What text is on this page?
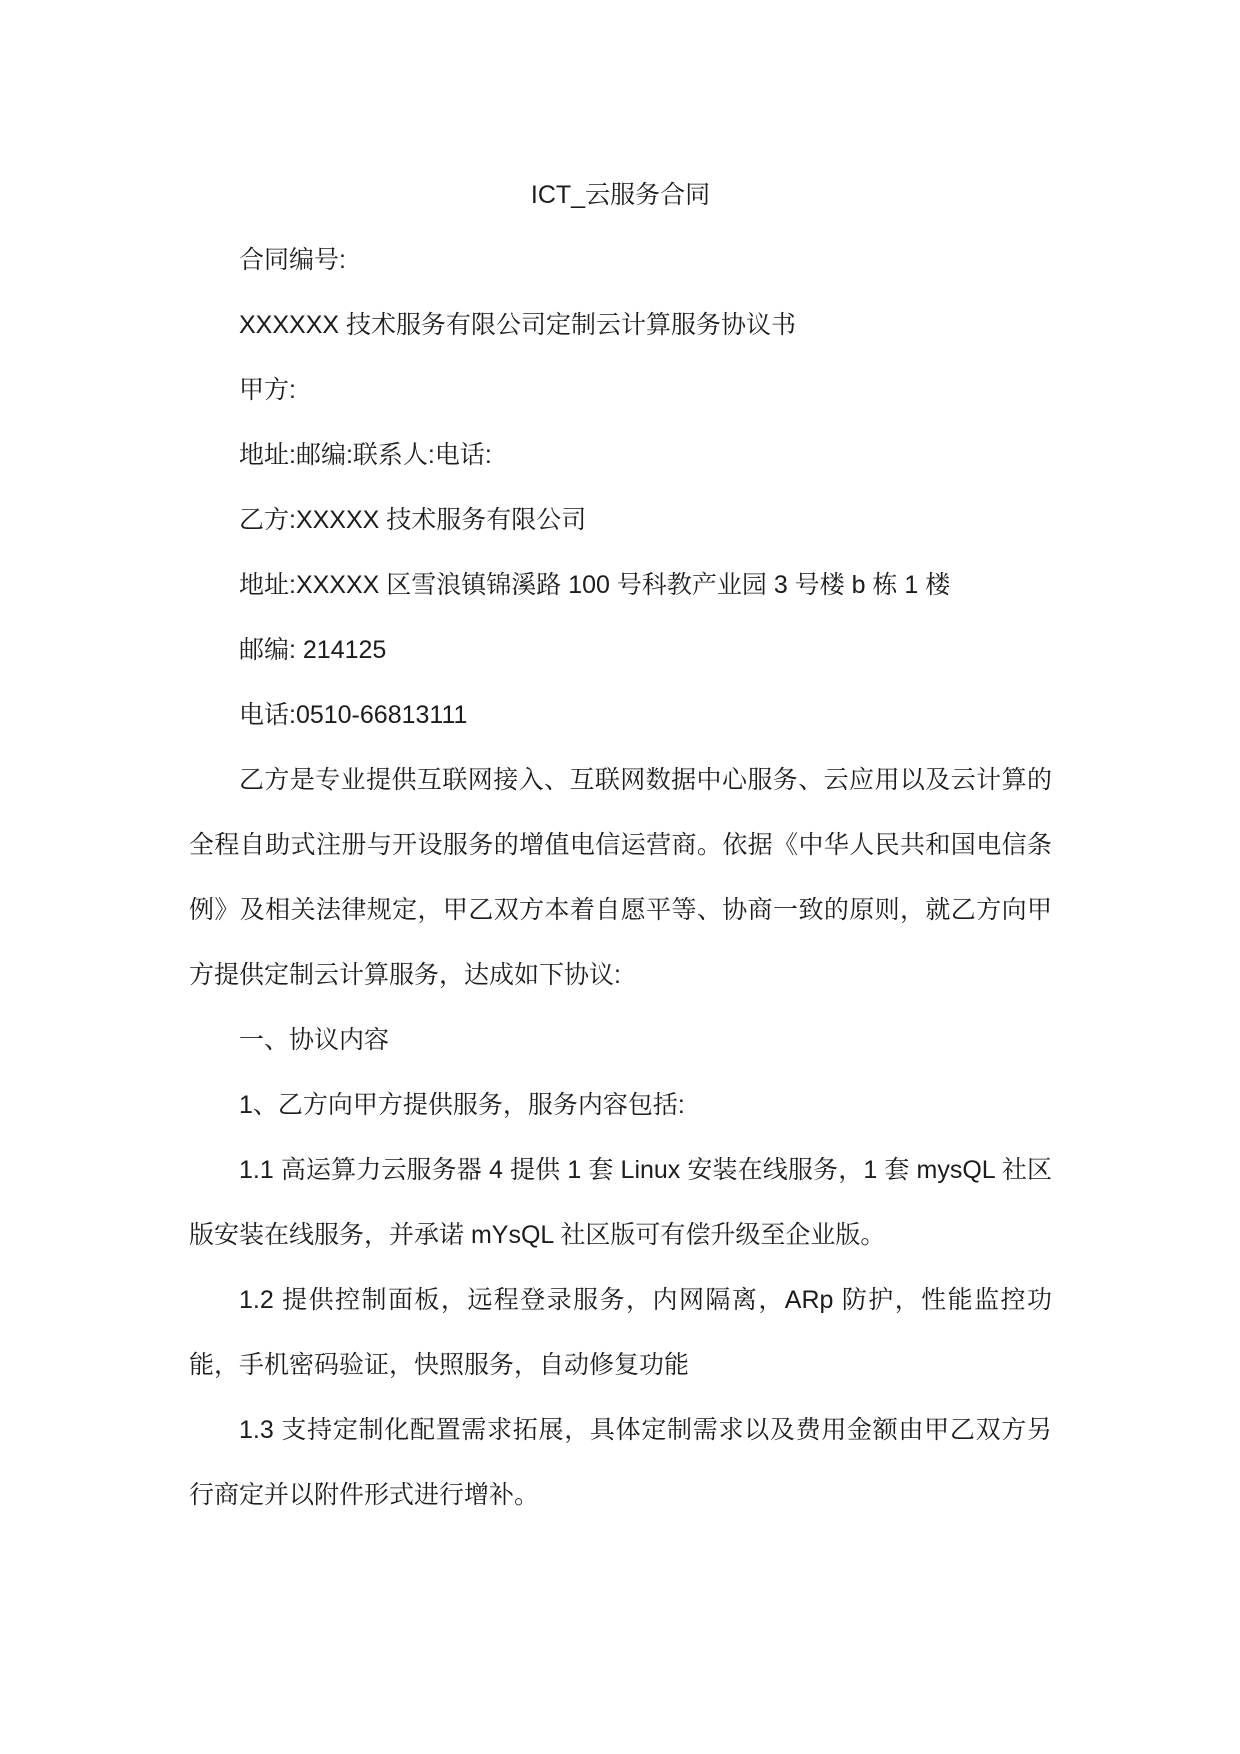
ICT_云服务合同
合同编号:
XXXXXX 技术服务有限公司定制云计算服务协议书
甲方:
地址:邮编:联系人:电话:
乙方:XXXXX 技术服务有限公司
地址:XXXXX 区雪浪镇锦溪路 100 号科教产业园 3 号楼 b 栋 1 楼
邮编: 214125
电话:0510-66813111
乙方是专业提供互联网接入、互联网数据中心服务、云应用以及云计算的
全程自助式注册与开设服务的增值电信运营商。依据《中华人民共和国电信条
例》及相关法律规定，甲乙双方本着自愿平等、协商一致的原则，就乙方向甲
方提供定制云计算服务，达成如下协议:
一、协议内容
1、乙方向甲方提供服务，服务内容包括:
1.1 高运算力云服务器 4 提供 1 套 Linux 安装在线服务，1 套 mysQL 社区
版安装在线服务，并承诺 mYsQL 社区版可有偿升级至企业版。
1.2 提供控制面板，远程登录服务，内网隔离，ARp 防护，性能监控功
能，手机密码验证，快照服务，自动修复功能
1.3 支持定制化配置需求拓展，具体定制需求以及费用金额由甲乙双方另
行商定并以附件形式进行增补。
